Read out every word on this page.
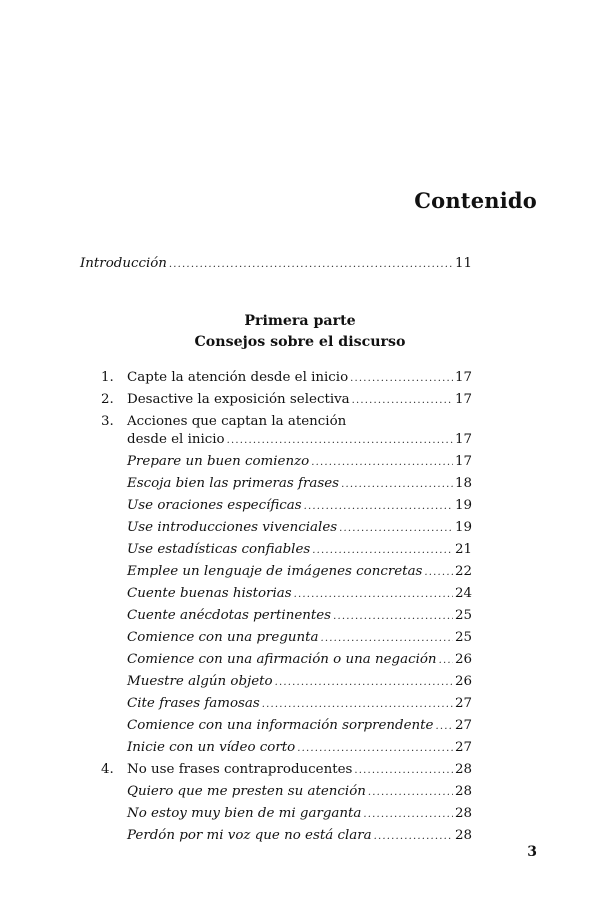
Contenido
Introducción .....	11
Primera parte
Consejos sobre el discurso
1. Capte la atención desde el inicio .....	17
2. Desactive la exposición selectiva .....	17
3. Acciones que captan la atención
desde el inicio .....	17
Prepare un buen comienzo .....	17
Escoja bien las primeras frases .....	18
Use oraciones específicas .....	19
Use introducciones vivenciales .....	19
Use estadísticas confiables .....	21
Emplee un lenguaje de imágenes concretas ..... 22
Cuente buenas historias .....	24
Cuente anécdotas pertinentes .....	25
Comience con una pregunta .....	25
Comience con una afirmación o una negación ..... 26
Muestre algún objeto .....	26
Cite frases famosas .....	27
Comience con una información sorprendente ..... 27
Inicie con un vídeo corto .....	27
4. No use frases contraproducentes .....	28
Quiero que me presten su atención .....	28
No estoy muy bien de mi garganta .....	28
Perdón por mi voz que no está clara .....	28
3
